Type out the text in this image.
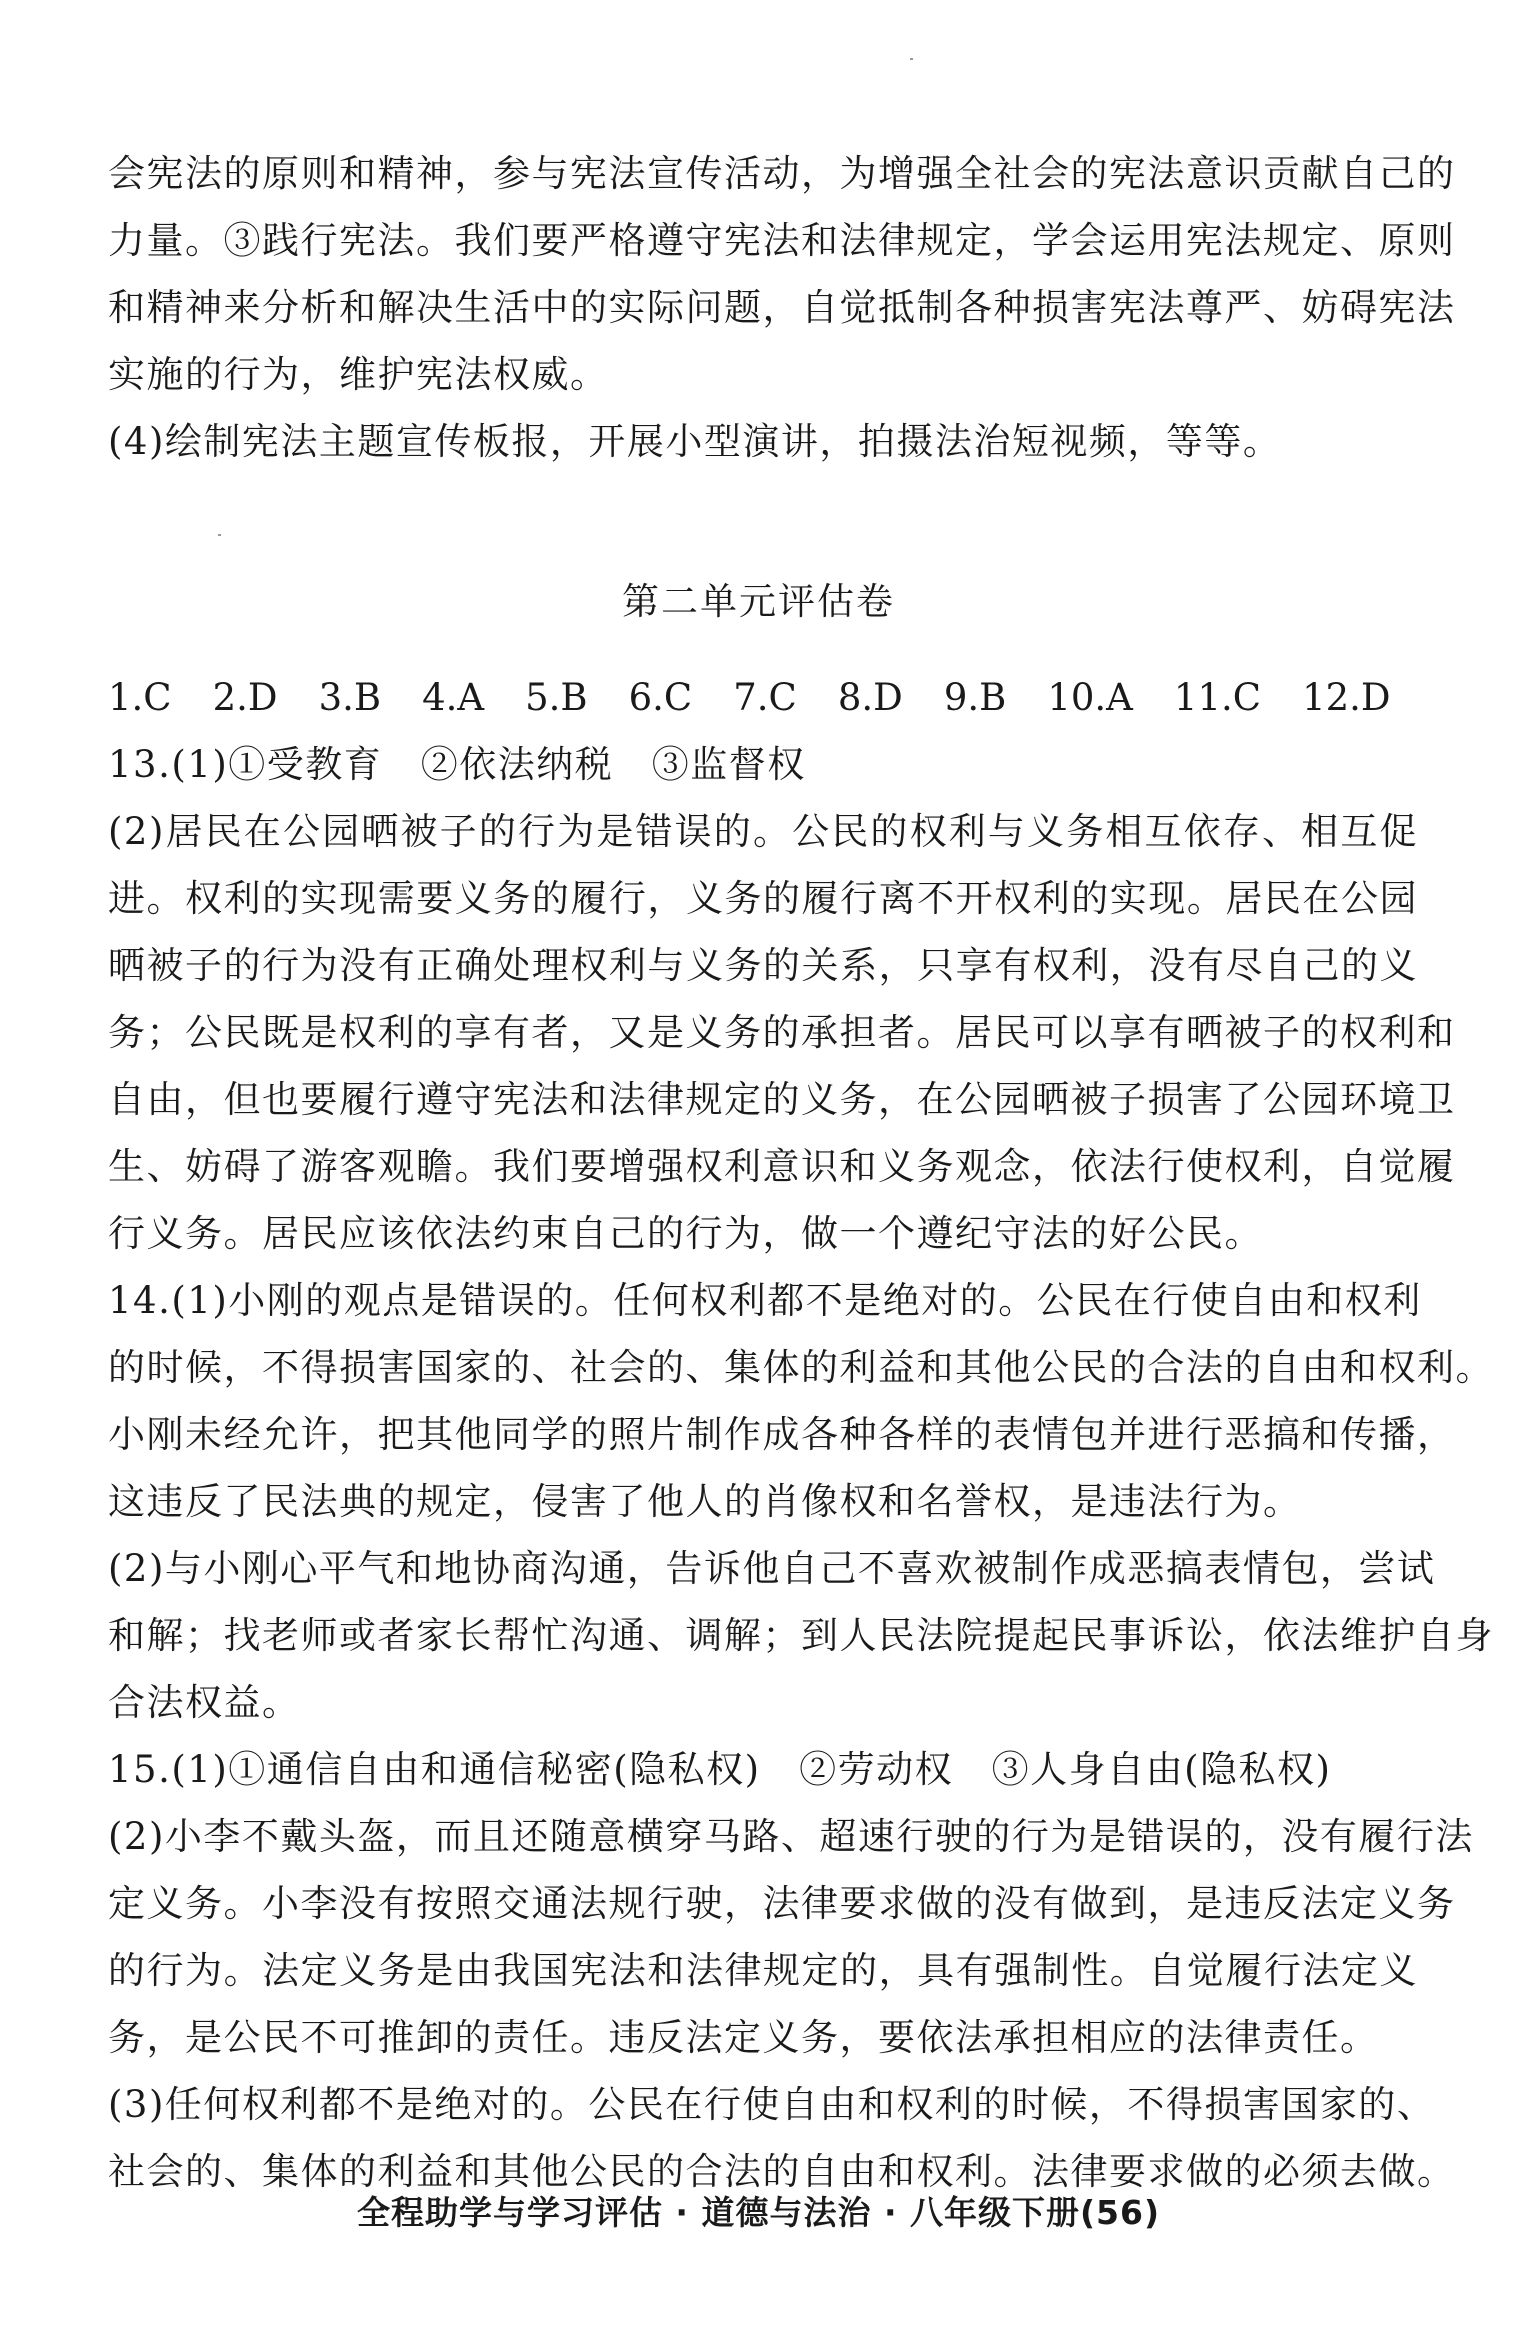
会宪法的原则和精神，参与宪法宣传活动，为增强全社会的宪法意识贡献自己的
力量。③践行宪法。我们要严格遵守宪法和法律规定，学会运用宪法规定、原则
和精神来分析和解决生活中的实际问题，自觉抵制各种损害宪法尊严、妨碍宪法
实施的行为，维护宪法权威。
(4)绘制宪法主题宣传板报，开展小型演讲，拍摄法治短视频，等等。
第二单元评估卷
1.C 2.D 3.B 4.A 5.B 6.C 7.C 8.D 9.B 10.A 11.C 12.D
13.(1)①受教育　②依法纳税　③监督权
(2)居民在公园晒被子的行为是错误的。公民的权利与义务相互依存、相互促
进。权利的实现需要义务的履行，义务的履行离不开权利的实现。居民在公园
晒被子的行为没有正确处理权利与义务的关系，只享有权利，没有尽自己的义
务；公民既是权利的享有者，又是义务的承担者。居民可以享有晒被子的权利和
自由，但也要履行遵守宪法和法律规定的义务，在公园晒被子损害了公园环境卫
生、妨碍了游客观瞻。我们要增强权利意识和义务观念，依法行使权利，自觉履
行义务。居民应该依法约束自己的行为，做一个遵纪守法的好公民。
14.(1)小刚的观点是错误的。任何权利都不是绝对的。公民在行使自由和权利
的时候，不得损害国家的、社会的、集体的利益和其他公民的合法的自由和权利。
小刚未经允许，把其他同学的照片制作成各种各样的表情包并进行恶搞和传播，
这违反了民法典的规定，侵害了他人的肖像权和名誉权，是违法行为。
(2)与小刚心平气和地协商沟通，告诉他自己不喜欢被制作成恶搞表情包，尝试
和解；找老师或者家长帮忙沟通、调解；到人民法院提起民事诉讼，依法维护自身
合法权益。
15.(1)①通信自由和通信秘密(隐私权)　②劳动权　③人身自由(隐私权)
(2)小李不戴头盔，而且还随意横穿马路、超速行驶的行为是错误的，没有履行法
定义务。小李没有按照交通法规行驶，法律要求做的没有做到，是违反法定义务
的行为。法定义务是由我国宪法和法律规定的，具有强制性。自觉履行法定义
务，是公民不可推卸的责任。违反法定义务，要依法承担相应的法律责任。
(3)任何权利都不是绝对的。公民在行使自由和权利的时候，不得损害国家的、
社会的、集体的利益和其他公民的合法的自由和权利。法律要求做的必须去做。
全程助学与学习评估 · 道德与法治 · 八年级下册(56)
